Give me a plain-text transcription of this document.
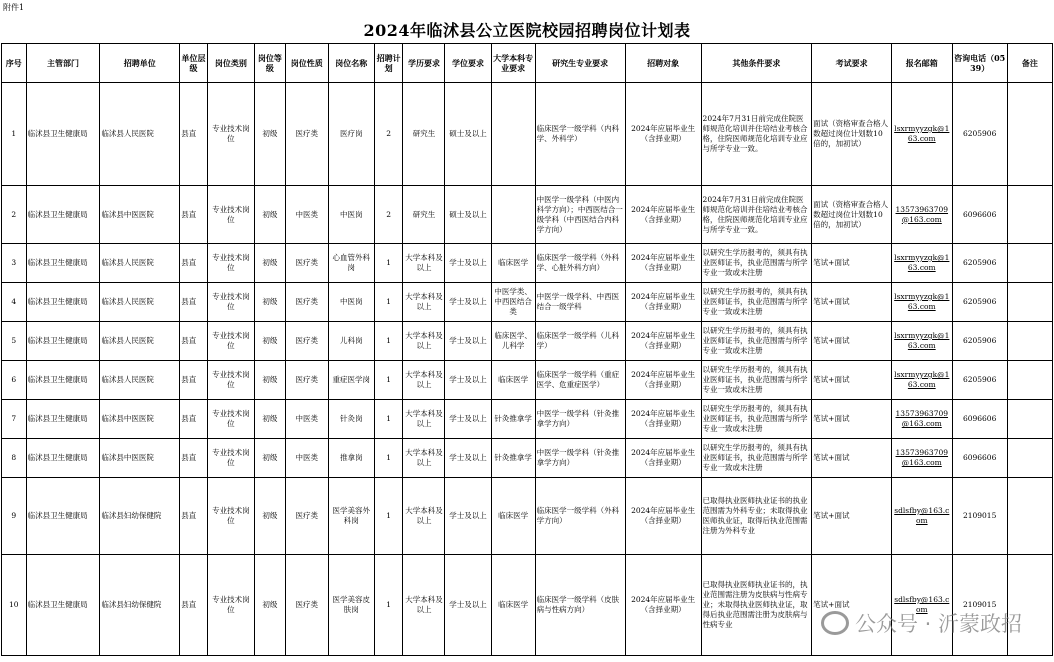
附件1
2024年临沭县公立医院校园招聘岗位计划表
序号	主管部门	招聘单位	单位层级	岗位类别	岗位等级	岗位性质	岗位名称	招聘计划	学历要求	学位要求	大学本科专业要求	研究生专业要求	招聘对象	其他条件要求	考试要求	报名邮箱	咨询电话（0539）	备注
1	临沭县卫生健康局	临沭县人民医院	县直	专业技术岗位	初级	医疗类	医疗岗	2	研究生	硕士及以上		临床医学一级学科（内科学、外科学）	2024年应届毕业生（含择业期）	2024年7月31日前完成住院医师规范化培训并住培结业考核合格，住院医师规范化培训专业应与所学专业一致。	面试（资格审查合格人数超过岗位计划数10倍的，加初试）	lsxrmyyzgk@163.com	6205906	
2	临沭县卫生健康局	临沭县中医医院	县直	专业技术岗位	初级	中医类	中医岗	2	研究生	硕士及以上		中医学一级学科（中医内科学方向）；中西医结合一级学科（中西医结合内科学方向）	2024年应届毕业生（含择业期）	2024年7月31日前完成住院医师规范化培训并住培结业考核合格，住院医师规范化培训专业应与所学专业一致。	面试（资格审查合格人数超过岗位计划数10倍的，加初试）	13573963709@163.com	6096606	
3	临沭县卫生健康局	临沭县人民医院	县直	专业技术岗位	初级	医疗类	心血管外科岗	1	大学本科及以上	学士及以上	临床医学	临床医学一级学科（外科学、心脏外科方向）	2024年应届毕业生（含择业期）	以研究生学历报考的，须具有执业医师证书，执业范围需与所学专业一致或未注册	笔试+面试	lsxrmyyzgk@163.com	6205906	
4	临沭县卫生健康局	临沭县人民医院	县直	专业技术岗位	初级	医疗类	中医岗	1	大学本科及以上	学士及以上	中医学类、中西医结合类	中医学一级学科、中西医结合一级学科	2024年应届毕业生（含择业期）	以研究生学历报考的，须具有执业医师证书，执业范围需与所学专业一致或未注册	笔试+面试	lsxrmyyzgk@163.com	6205906	
5	临沭县卫生健康局	临沭县人民医院	县直	专业技术岗位	初级	医疗类	儿科岗	1	大学本科及以上	学士及以上	临床医学、儿科学	临床医学一级学科（儿科学）	2024年应届毕业生（含择业期）	以研究生学历报考的，须具有执业医师证书，执业范围需与所学专业一致或未注册	笔试+面试	lsxrmyyzgk@163.com	6205906	
6	临沭县卫生健康局	临沭县人民医院	县直	专业技术岗位	初级	医疗类	重症医学岗	1	大学本科及以上	学士及以上	临床医学	临床医学一级学科（重症医学、危重症医学）	2024年应届毕业生（含择业期）	以研究生学历报考的，须具有执业医师证书，执业范围需与所学专业一致或未注册	笔试+面试	lsxrmyyzgk@163.com	6205906	
7	临沭县卫生健康局	临沭县中医医院	县直	专业技术岗位	初级	中医类	针灸岗	1	大学本科及以上	学士及以上	针灸推拿学	中医学一级学科（针灸推拿学方向）	2024年应届毕业生（含择业期）	以研究生学历报考的，须具有执业医师证书，执业范围需与所学专业一致或未注册	笔试+面试	13573963709@163.com	6096606	
8	临沭县卫生健康局	临沭县中医医院	县直	专业技术岗位	初级	中医类	推拿岗	1	大学本科及以上	学士及以上	针灸推拿学	中医学一级学科（针灸推拿学方向）	2024年应届毕业生（含择业期）	以研究生学历报考的，须具有执业医师证书，执业范围需与所学专业一致或未注册	笔试+面试	13573963709@163.com	6096606	
9	临沭县卫生健康局	临沭县妇幼保健院	县直	专业技术岗位	初级	医疗类	医学美容外科岗	1	大学本科及以上	学士及以上	临床医学	临床医学一级学科（外科学方向）	2024年应届毕业生（含择业期）	已取得执业医师执业证书的执业范围需为外科专业；未取得执业医师执业证，取得后执业范围需注册为外科专业	笔试+面试	sdlsfby@163.com	2109015	
10	临沭县卫生健康局	临沭县妇幼保健院	县直	专业技术岗位	初级	医疗类	医学美容皮肤岗	1	大学本科及以上	学士及以上	临床医学	临床医学一级学科（皮肤病与性病方向）	2024年应届毕业生（含择业期）	已取得执业医师执业证书的，执业范围需注册为皮肤病与性病专业；未取得执业医师执业证，取得后执业范围需注册为皮肤病与性病专业	笔试+面试	sdlsfby@163.com	2109015	
公众号 · 沂蒙政招
